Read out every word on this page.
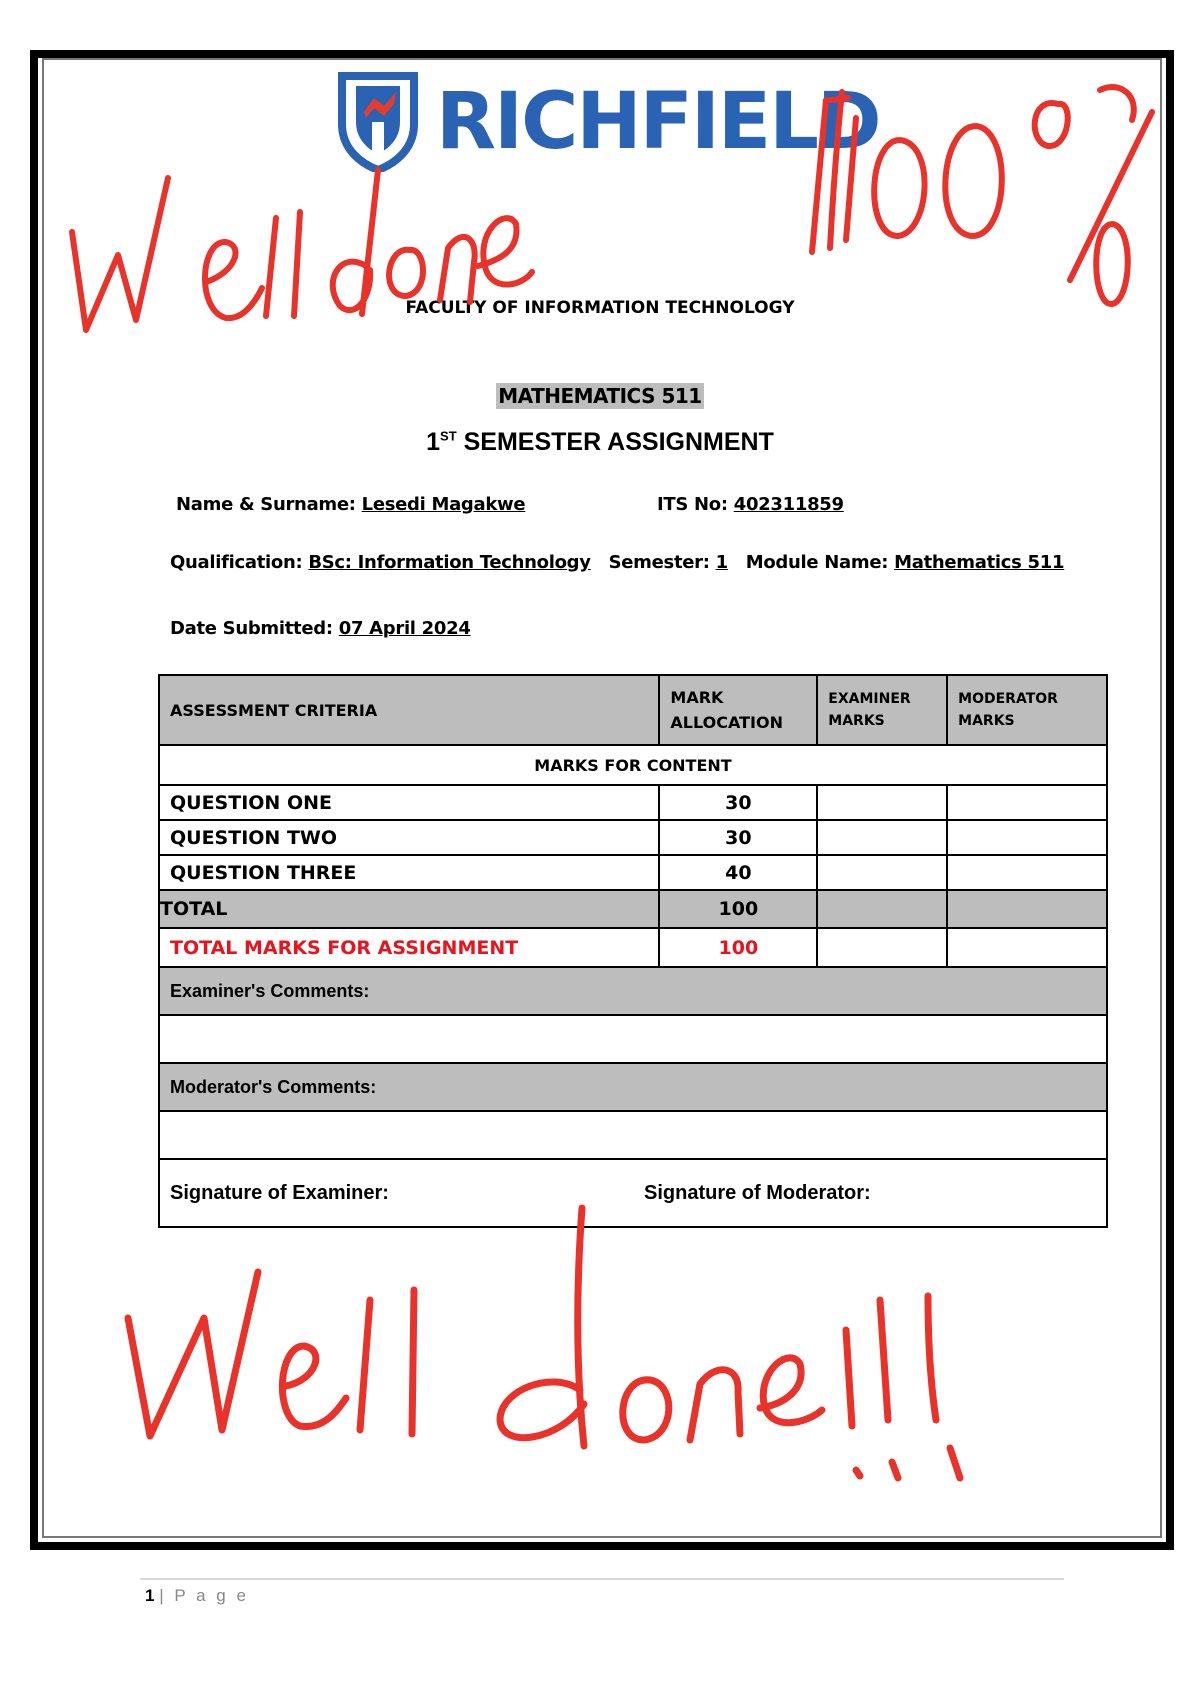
RICHFIELD
FACULTY OF INFORMATION TECHNOLOGY
MATHEMATICS 511
1ST SEMESTER ASSIGNMENT
Name & Surname: Lesedi Magakwe	ITS No: 402311859
Qualification: BSc: Information Technology Semester: 1 Module Name: Mathematics 511
Date Submitted: 07 April 2024
ASSESSMENT CRITERIA	MARK ALLOCATION	EXAMINER MARKS	MODERATOR MARKS
MARKS FOR CONTENT			
QUESTION ONE	30		
QUESTION TWO	30		
QUESTION THREE	40		
TOTAL	100		
TOTAL MARKS FOR ASSIGNMENT	100		
Examiner's Comments:			

Moderator's Comments:			

Signature of Examiner: Signature of Moderator:			
1 | P a g e
